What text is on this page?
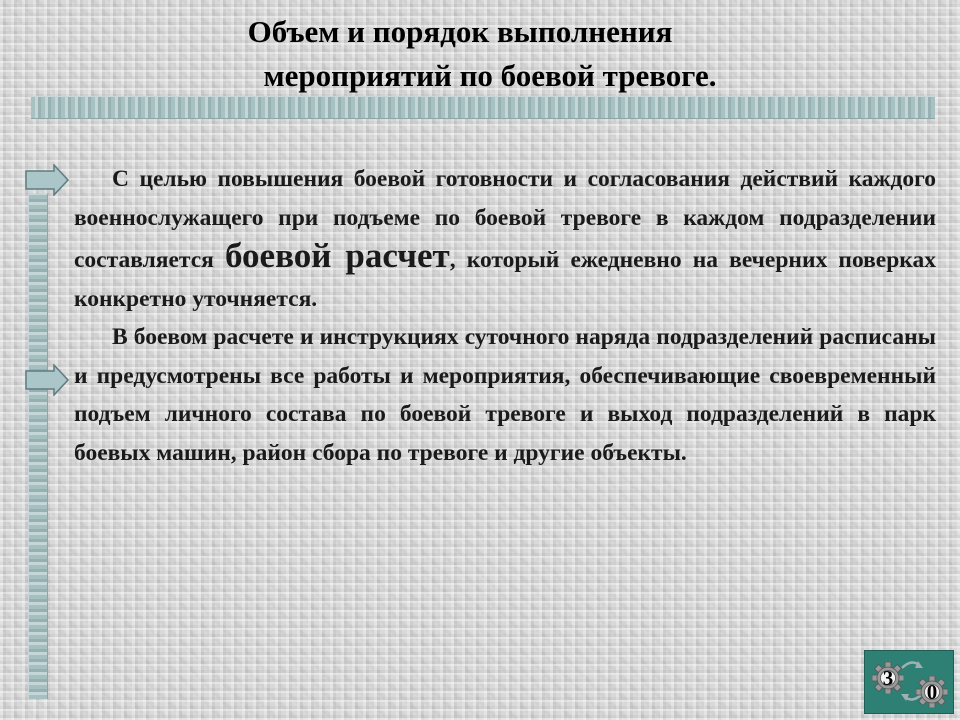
Объем и порядок выполнения
мероприятий по боевой тревоге.

С целью повышения боевой готовности и согласования действий каждого военнослужащего при подъеме по боевой тревоге в каждом подразделении составляется боевой расчет, который ежедневно на вечерних поверках конкретно уточняется.

В боевом расчете и инструкциях суточного наряда подразделений расписаны и предусмотрены все работы и мероприятия, обеспечивающие своевременный подъем личного состава по боевой тревоге и выход подразделений в парк боевых машин, район сбора по тревоге и другие объекты.

3
0
